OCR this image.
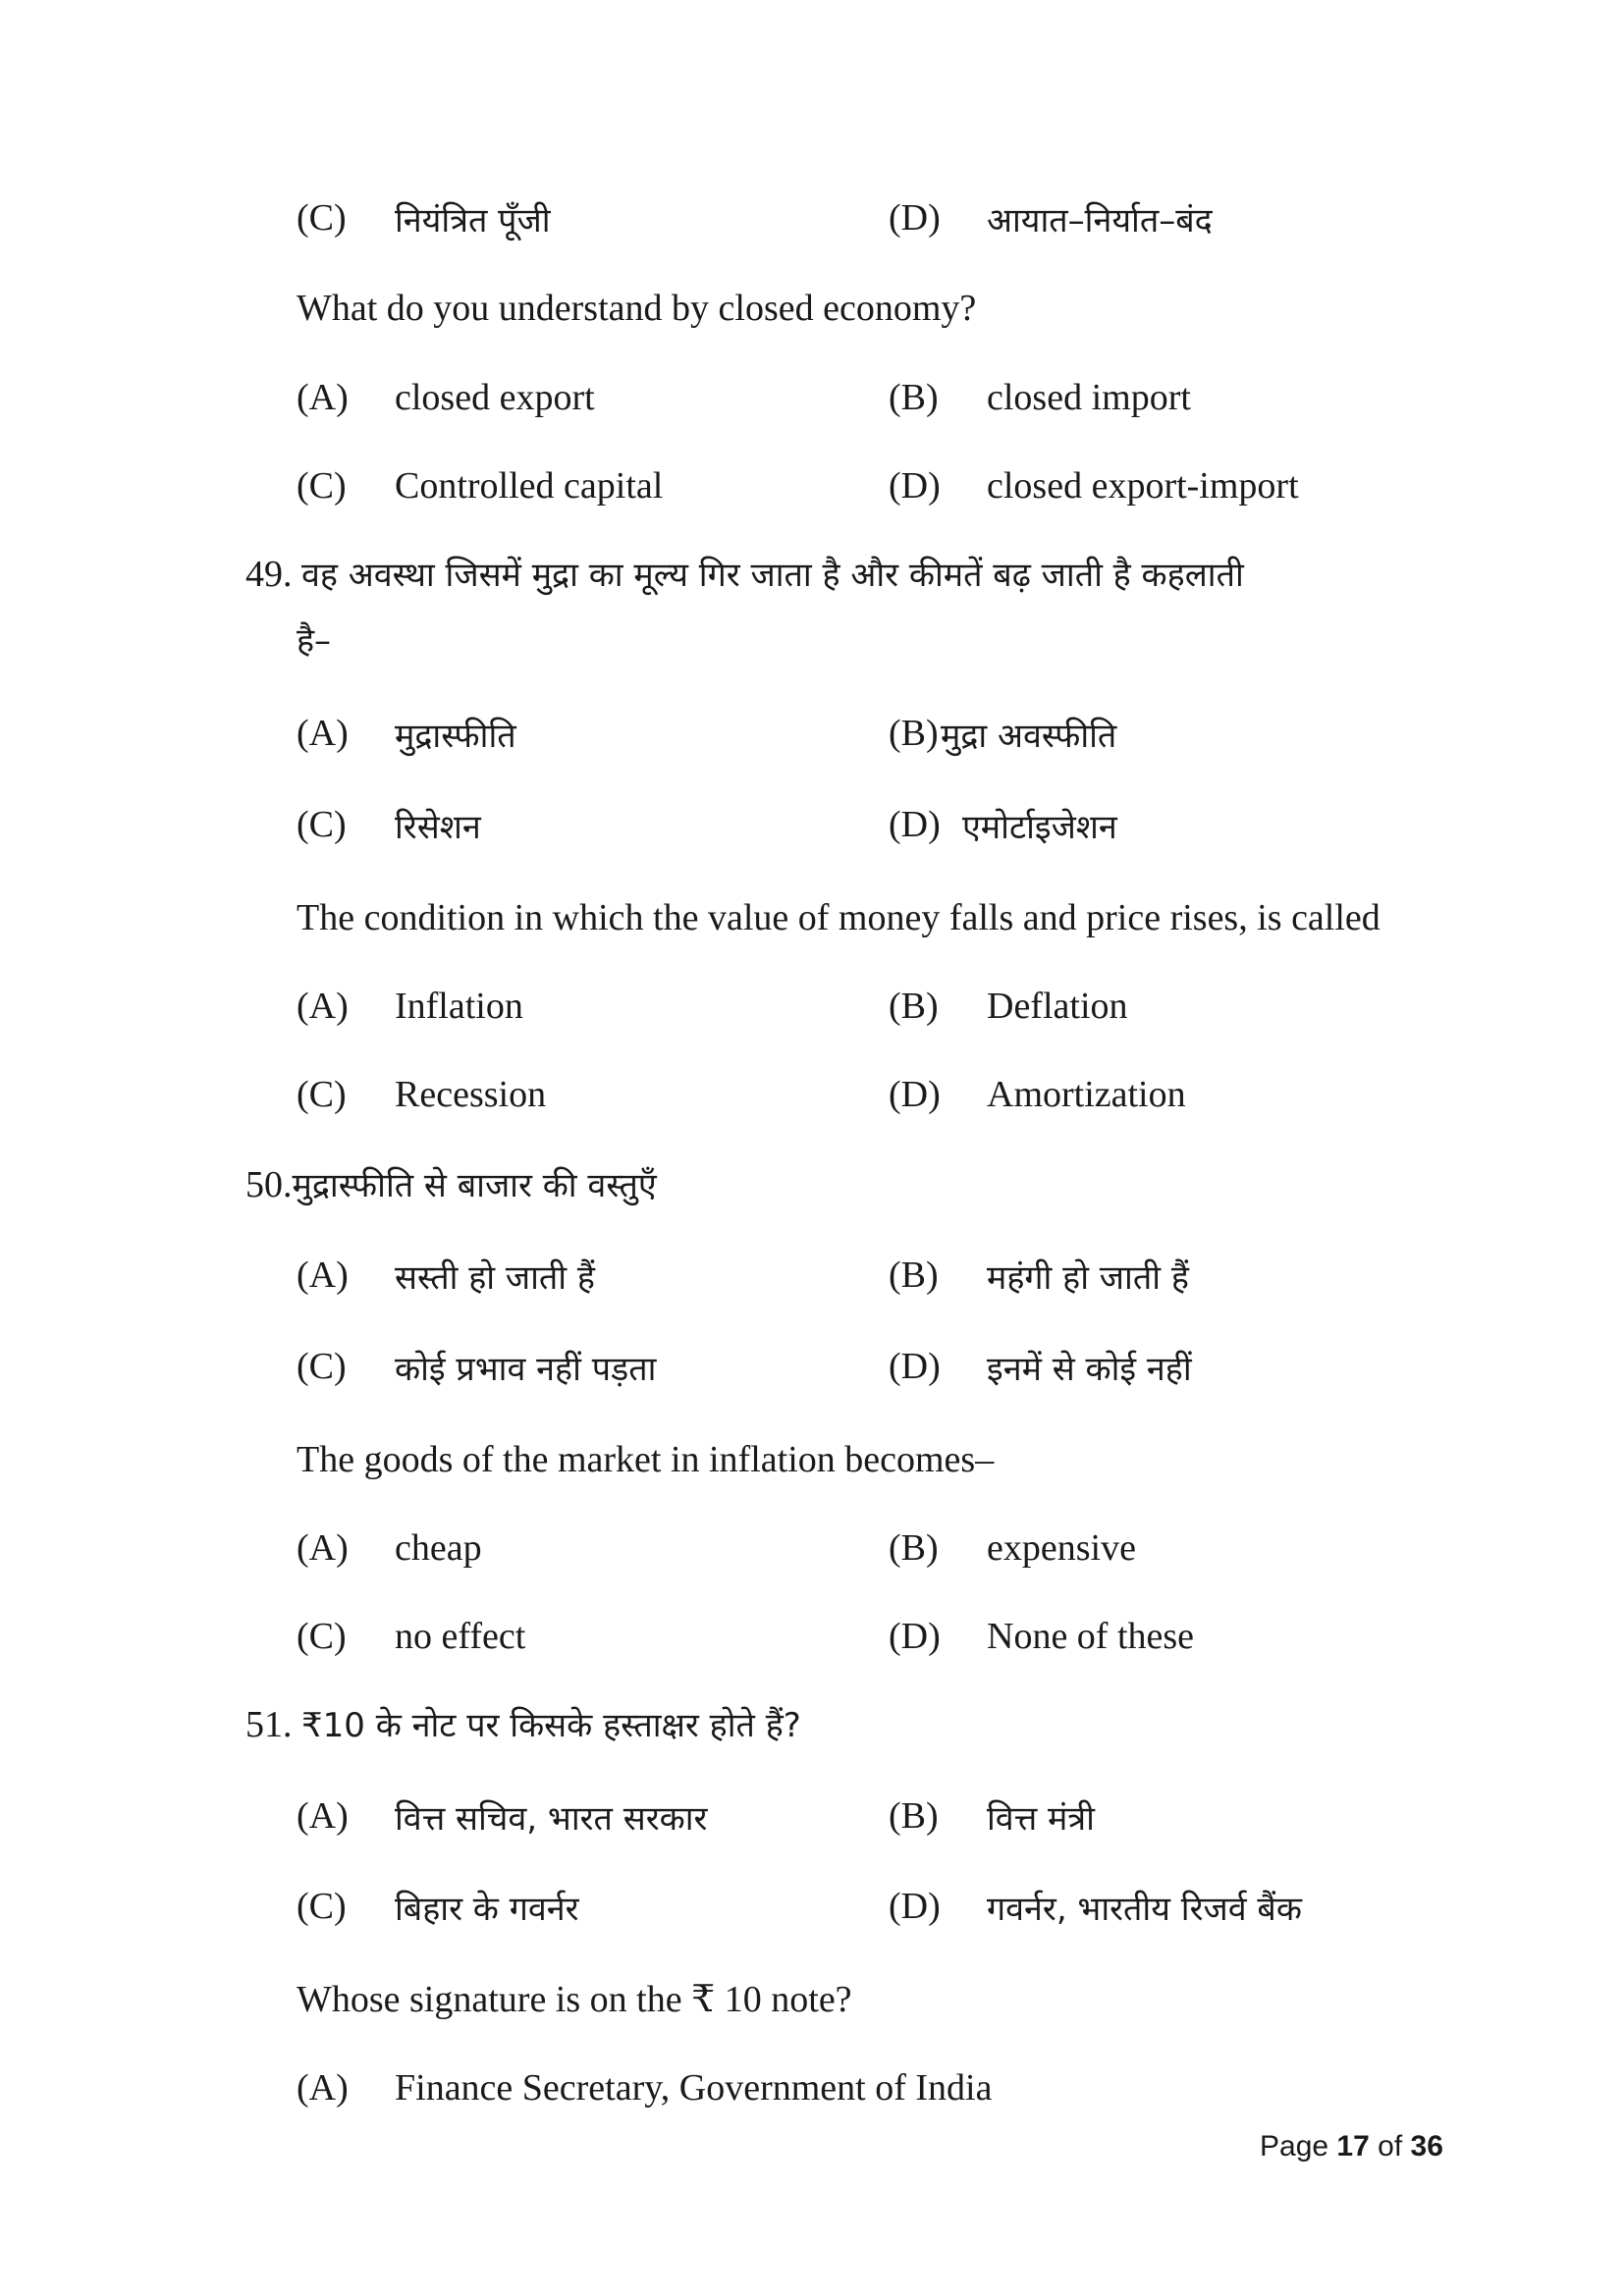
(C) नियंत्रित पूँजी	(D) आयात–निर्यात–बंद
What do you understand by closed economy?
(A) closed export	(B) closed import
(C) Controlled capital	(D) closed export-import
49. वह अवस्था जिसमें मुद्रा का मूल्य गिर जाता है और कीमतें बढ़ जाती है कहलाती
है–
(A) मुद्रास्फीति	(B) मुद्रा अवस्फीति
(C) रिसेशन	(D) एमोर्टाइजेशन
The condition in which the value of money falls and price rises, is called
(A) Inflation	(B) Deflation
(C) Recession	(D) Amortization
50.मुद्रास्फीति से बाजार की वस्तुएँ
(A) सस्ती हो जाती हैं	(B) महंगी हो जाती हैं
(C) कोई प्रभाव नहीं पड़ता	(D) इनमें से कोई नहीं
The goods of the market in inflation becomes–
(A) cheap	(B) expensive
(C) no effect	(D) None of these
51. ₹10 के नोट पर किसके हस्ताक्षर होते हैं?
(A) वित्त सचिव, भारत सरकार	(B) वित्त मंत्री
(C) बिहार के गवर्नर	(D) गवर्नर, भारतीय रिजर्व बैंक
Whose signature is on the ₹ 10 note?
(A) Finance Secretary, Government of India
Page 17 of 36
